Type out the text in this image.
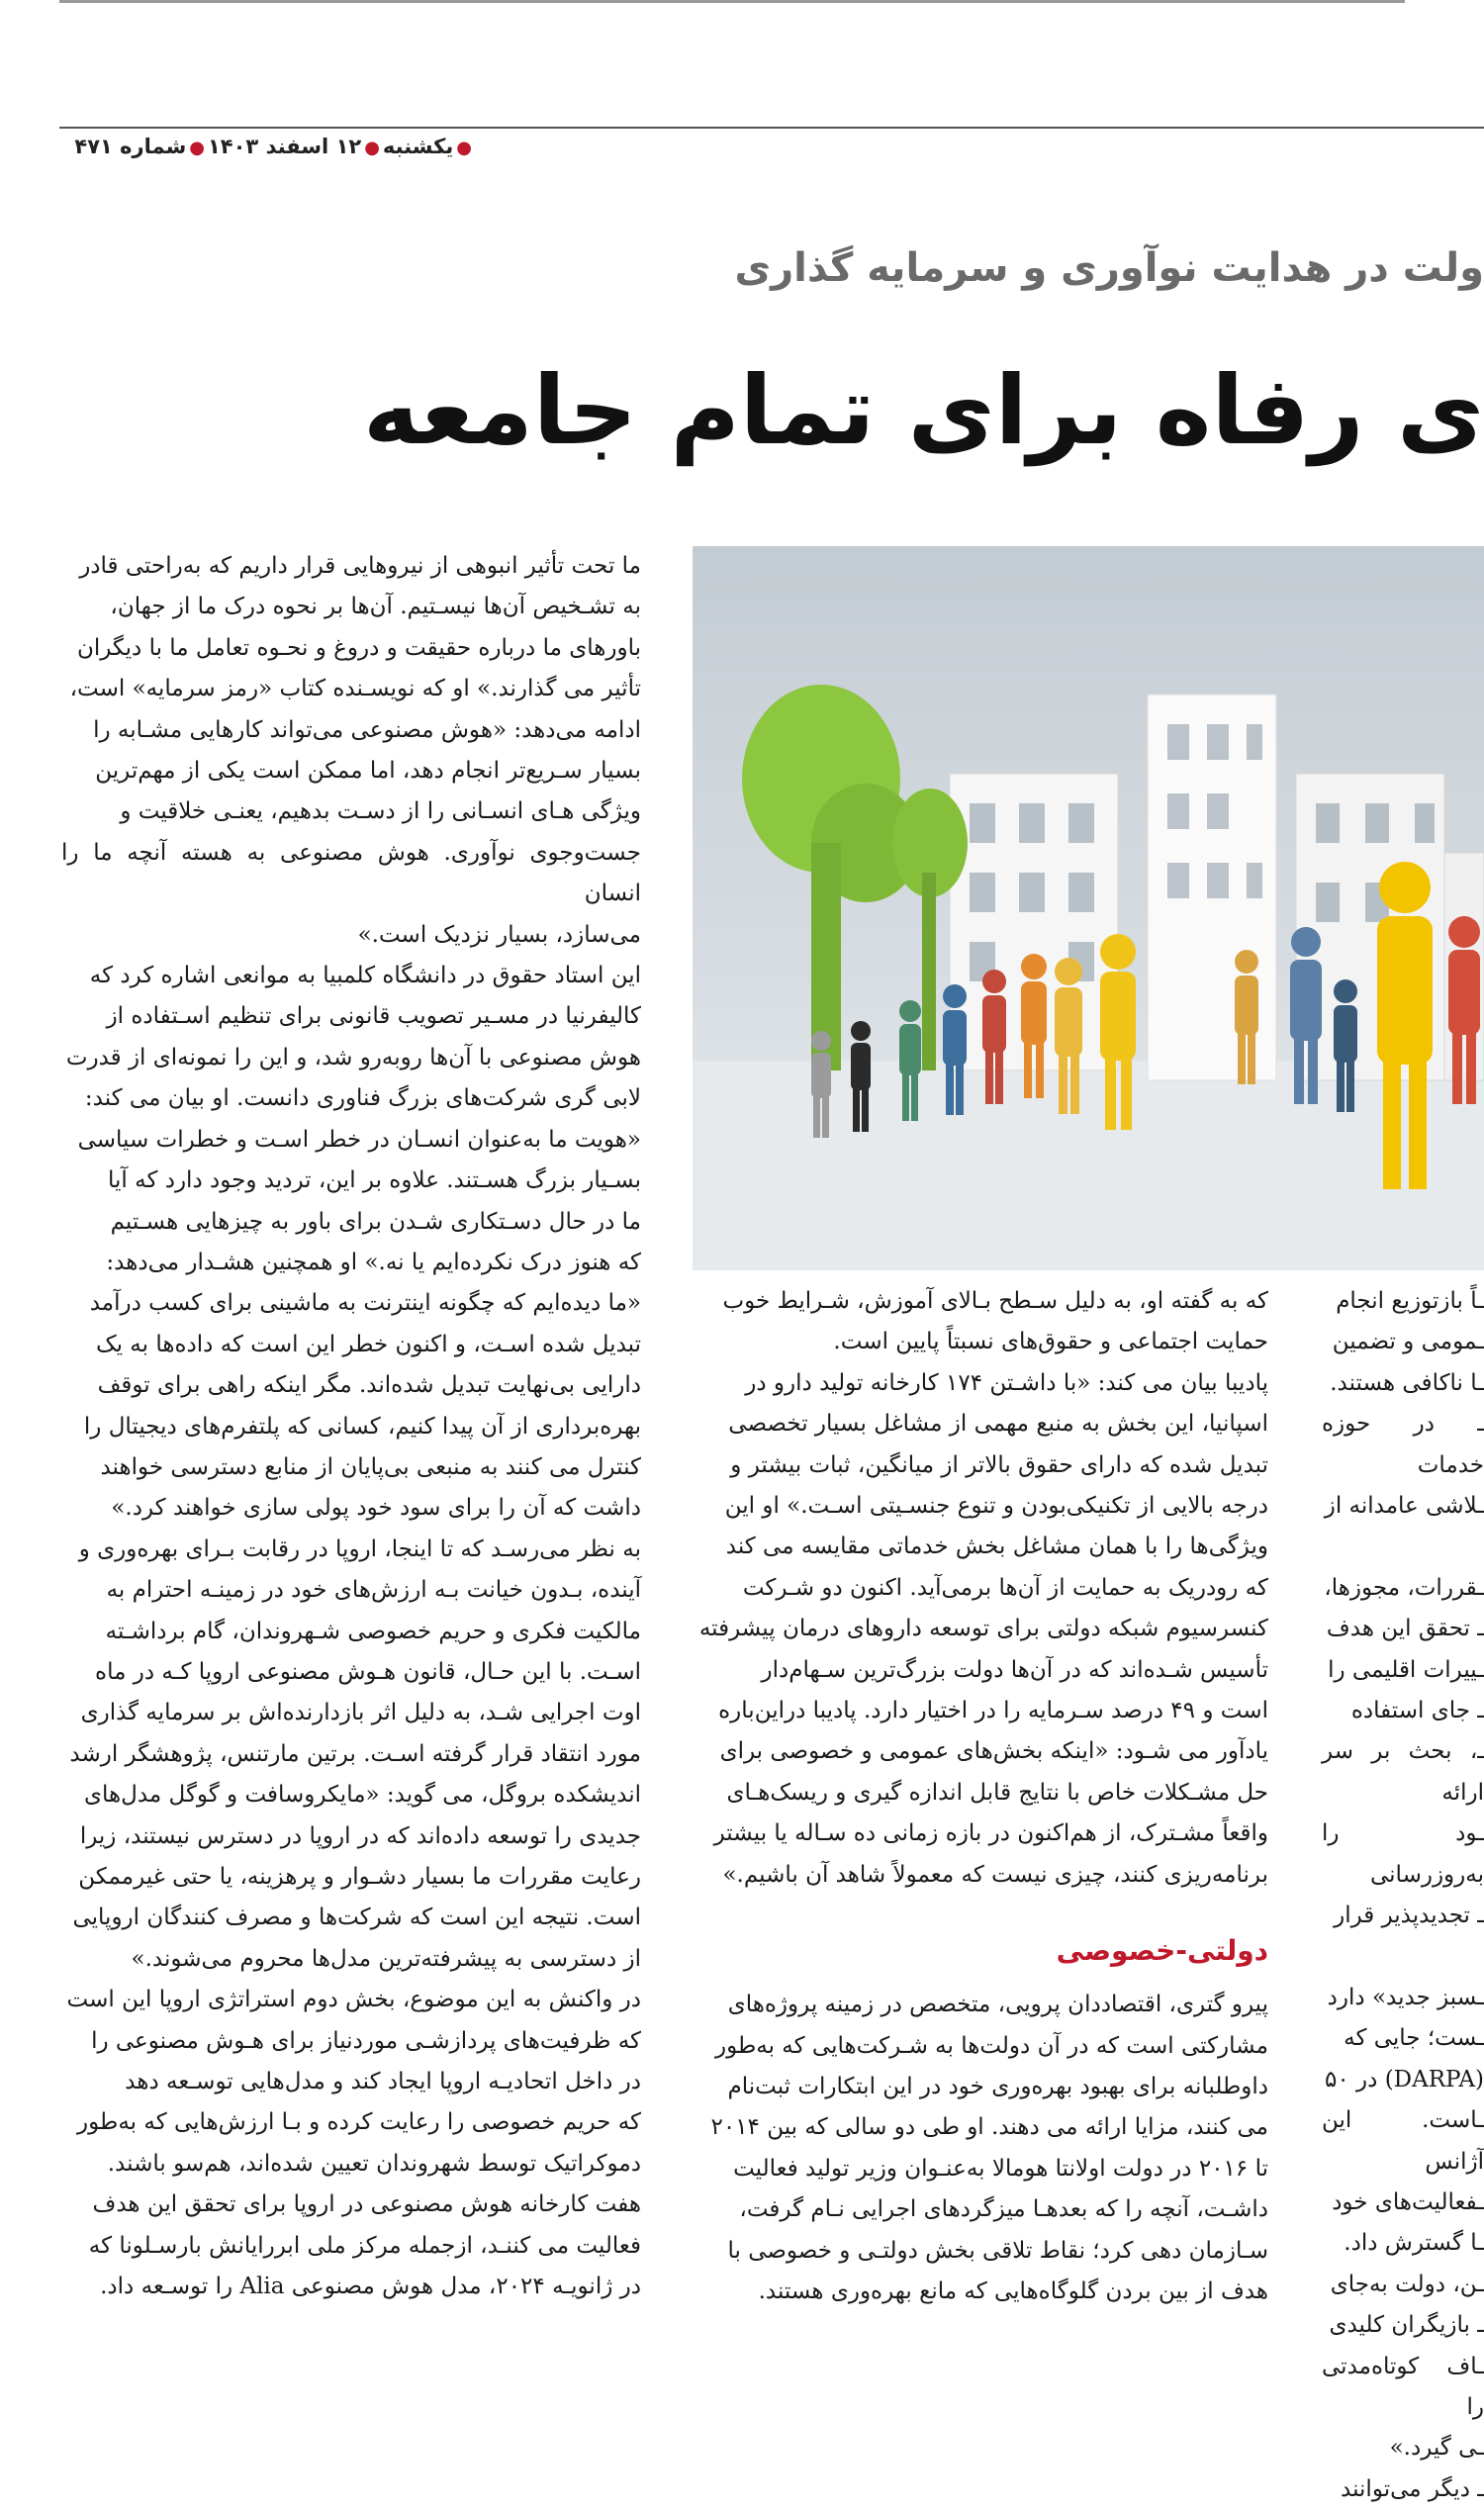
●یکشنبه●۱۲ اسفند ۱۴۰۳●شماره ۴۷۱
ولت در هدایت نوآوری و سرمایه گذاری
ی رفاه برای تمام جامعه

ما تحت تأثیر انبوهی از نیروهایی قرار داریم که به‌راحتی قادر

به تشـخیص آن‌ها نیسـتیم. آن‌ها بر نحوه درک ما از جهان،

باورهای ما درباره حقیقت و دروغ و نحـوه تعامل ما با دیگران

تأثیر می‌ گذارند.» او که نویسـنده کتاب «رمز سرمایه» است،

ادامه می‌دهد: «هوش مصنوعی می‌تواند کارهایی مشـابه را

بسیار سـریع‌تر انجام دهد، اما ممکن است یکی از مهم‌ترین

ویژگی‌ هـای انسـانی را از دسـت بدهیم، یعنـی خلاقیت و

جست‌وجوی نوآوری. هوش مصنوعی به هسته آنچه ما را انسان

می‌سازد، بسیار نزدیک است.»

این استاد حقوق در دانشگاه کلمبیا به موانعی اشاره کرد که

کالیفرنیا در مسـیر تصویب قانونی برای تنظیم اسـتفاده از

هوش مصنوعی با آن‌ها روبه‌رو شد، و این را نمونه‌ای از قدرت

لابی‌ گری شرکت‌های بزرگ فناوری دانست. او بیان می‌ کند:

«هویت ما به‌عنوان انسـان در خطر اسـت و خطرات سیاسی

بسـیار بزرگ هسـتند. علاوه بر این، تردید وجود دارد که آیا

ما در حال دسـتکاری شـدن برای باور به چیزهایی هسـتیم

که هنوز درک نکرده‌ایم یا نه.» او همچنین هشـدار می‌دهد:

«ما دیده‌ایم که چگونه اینترنت به ماشینی برای کسب درآمد

تبدیل شده اسـت، و اکنون خطر این است که داده‌ها به یک

دارایی بی‌نهایت تبدیل شده‌اند. مگر اینکه راهی برای توقف

بهره‌برداری از آن پیدا کنیم، کسانی که پلتفرم‌های دیجیتال را

کنترل می‌ کنند به منبعی بی‌پایان از منابع دسترسی خواهند

داشت که آن را برای سود خود پولی‌ سازی خواهند کرد.»

به نظر می‌رسـد که تا اینجا، اروپا در رقابت بـرای بهره‌وری و

آینده، بـدون خیانت بـه ارزش‌های خود در زمینـه احترام به

مالکیت فکری و حریم خصوصی شـهروندان، گام برداشـته

اسـت. با این حـال، قانون هـوش مصنوعی اروپا کـه در ماه

اوت اجرایی شـد، به دلیل اثر بازدارنده‌اش بر سرمایه‌ گذاری

مورد انتقاد قرار گرفته اسـت. برتین مارتنس، پژوهشگر ارشد

اندیشکده بروگل، می‌ گوید: «مایکروسافت و گوگل مدل‌های

جدیدی را توسعه داده‌اند که در اروپا در دسترس نیستند، زیرا

رعایت مقررات ما بسیار دشـوار و پرهزینه، یا حتی غیرممکن

است. نتیجه این است که شرکت‌ها و مصرف‌ کنندگان اروپایی

از دسترسی به پیشرفته‌ترین مدل‌ها محروم می‌شوند.»

در واکنش به این موضوع، بخش دوم استراتژی اروپا این است

که ظرفیت‌های پردازشـی موردنیاز برای هـوش مصنوعی را

در داخل اتحادیـه اروپا ایجاد کند و مدل‌هایی توسـعه دهد

که حریم خصوصی را رعایت کرده و بـا ارزش‌هایی که به‌طور

دموکراتیک توسط شهروندان تعیین شده‌اند، هم‌سو باشند.

هفت کارخانه هوش مصنوعی در اروپا برای تحقق این هدف

فعالیت می‌ کننـد، ازجمله مرکز ملی ابررایانش بارسـلونا که

در ژانویـه ۲۰۲۴، مدل هوش مصنوعی Alia را توسـعه داد.

که به گفته او، به دلیل سـطح بـالای آموزش، شـرایط خوب

حمایت اجتماعی و حقوق‌های نسبتاً پایین است.

پادیبا بیان می‌ کند: «با داشـتن ۱۷۴ کارخانه تولید دارو در

اسپانیا، این بخش به منبع مهمی از مشاغل بسیار تخصصی

تبدیل شده که دارای حقوق بالاتر از میانگین، ثبات بیشتر و

درجه بالایی از تکنیکی‌بودن و تنوع جنسـیتی اسـت.» او این

ویژگی‌ها را با همان مشاغل بخش خدماتی مقایسه می‌ کند

که رودریک به حمایت از آن‌ها برمی‌آید. اکنون دو شـرکت

کنسرسیوم شبکه دولتی برای توسعه داروهای درمان پیشرفته

تأسیس شـده‌اند که در آن‌ها دولت بزرگ‌ترین سـهام‌دار

است و ۴۹ درصد سـرمایه را در اختیار دارد. پادیبا دراین‌باره

یادآور می‌ شـود: «اینکه بخش‌های عمومی و خصوصی برای

حل مشـکلات خاص با نتایج قابل اندازه‌ گیری و ریسک‌هـای

واقعاً مشـترک، از هم‌اکنون در بازه زمانی ده سـاله یا بیشتر

برنامه‌ریزی کنند، چیزی نیست که معمولاً شاهد آن باشیم.»

دولتی-خصوصی

پیرو گتری، اقتصاددان پرویی، متخصص در زمینه پروژه‌های

مشارکتی است که در آن دولت‌ها به شـرکت‌هایی که به‌طور

داوطلبانه برای بهبود بهره‌وری خود در این ابتکارات ثبت‌نام

می‌ کنند، مزایا ارائه می‌ دهند. او طی دو سالی که بین ۲۰۱۴

تا ۲۰۱۶ در دولت اولانتا هومالا به‌عنـوان وزیر تولید فعالیت

داشـت، آنچه را که بعدهـا میزگردهای اجرایی نـام گرفت،

سـازمان‌ دهی کرد؛ نقاط تلاقی بخش دولتـی و خصوصی با

هدف از بین بردن گلوگاه‌هایی که مانع بهره‌وری هستند.

ـاً بازتوزیع انجام

ـمومی و تضمین

ـا ناکافی هستند.

ـ در حوزه خدمات

ـلاشی عامدانه از

ـقررات، مجوزها،

ـ تحقق این هدف

ـییرات اقلیمی را

ـ‌ جای استفاده

ـ، بحث بر سر ارائه

ـود را به‌روزرسانی

ـ تجدیدپذیر قرار

ـسبز جدید» دارد

ـست؛ جایی که

(DARPA) در ۵۰

ـاست. این آژانس

ـفعالیت‌های خود

ـا گسترش داد.

ـن، دولت به‌جای

ـ بازیگران کلیدی

ـاف کوتاه‌مدتی را

ـی گیرد.»

ـ دیگر می‌توانند
